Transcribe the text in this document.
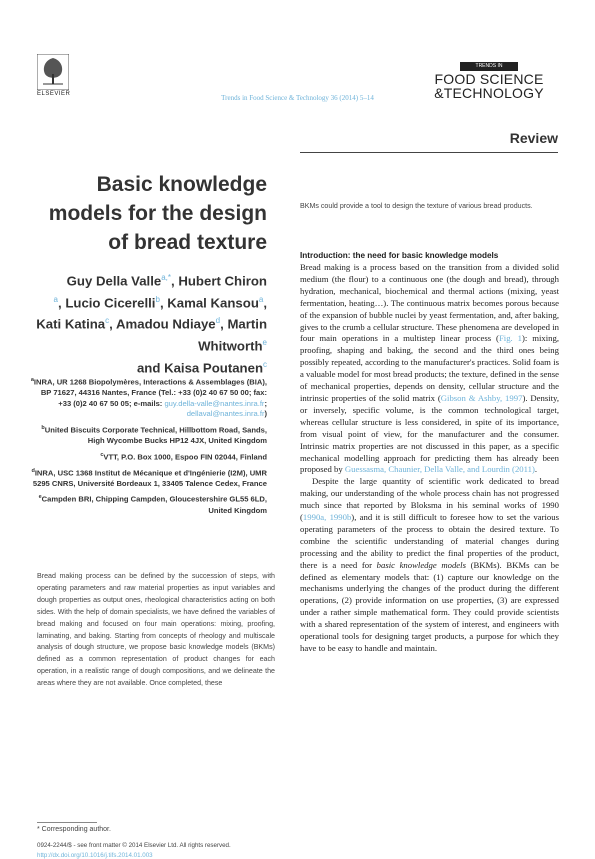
ELSEVIER	Trends in Food Science & Technology 36 (2014) 5–14
TRENDS IN
FOOD SCIENCE
&TECHNOLOGY
Review
Basic knowledge
models for the design
of bread texture
Guy Della Valle$^{a,*}$, Hubert Chiron
$^a$, Lucio Cicerelli$^b$, Kamal Kansou$^a$, Kati Katina$^c$, Amadou Ndiaye$^d$, Martin Whitworth$^e$
and Kaisa Poutanen$^c$
$^a$INRA, UR 1268 Biopolymères, Interactions & Assemblages (BIA), BP 71627, 44316 Nantes, France (Tel.: +33 (0)2 40 67 50 00; fax: +33 (0)2 40 67 50 05; e-mails: guy.della-valle@nantes.inra.fr; dellaval@nantes.inra.fr)
$^b$United Biscuits Corporate Technical, Hillbottom Road, Sands, High Wycombe Bucks HP12 4JX, United Kingdom
$^c$VTT, P.O. Box 1000, Espoo FIN 02044, Finland
$^d$INRA, USC 1368 Institut de Mécanique et d'Ingénierie (I2M), UMR 5295 CNRS, Université Bordeaux 1, 33405 Talence Cedex, France
$^e$Campden BRI, Chipping Campden, Gloucestershire GL55 6LD, United Kingdom
Bread making process can be defined by the succession of steps, with operating parameters and raw material properties as input variables and dough properties as output ones, rheological characteristics acting on both sides. With the help of domain specialists, we have defined the variables of bread making and focused on four main operations: mixing, proofing, laminating, and baking. Starting from concepts of rheology and multiscale analysis of dough structure, we propose basic knowledge models (BKMs) defined as a common representation of product changes for each operation, in a realistic range of dough compositions, and we delineate the areas where they are not available. Once completed, these
BKMs could provide a tool to design the texture of various bread products.
Introduction: the need for basic knowledge models

Bread making is a process based on the transition from a divided solid medium (the flour) to a continuous one (the dough and bread), through hydration, mechanical, biochemical and thermal actions (mixing, yeast fermentation, heating…). The continuous matrix becomes porous because of the expansion of bubble nuclei by yeast fermentation, and, after baking, gives to the crumb a cellular structure. These phenomena are developed in four main operations in a multistep linear process (Fig. 1): mixing, proofing, shaping and baking, the second and the third ones being possibly repeated, according to the manufacturer's practices. Solid foam is a valuable model for most bread products; the texture, defined in the sense of mechanical properties, depends on density, cellular structure and the intrinsic properties of the solid matrix (Gibson & Ashby, 1997). Density, or inversely, specific volume, is the common technological target, whereas cellular structure is less considered, in spite of its importance, from visual point of view, for the manufacturer and the consumer. Intrinsic matrix properties are not discussed in this paper, as a specific mechanical modelling approach for predicting them has already been proposed by Guessasma, Chaunier, Della Valle, and Lourdin (2011).

Despite the large quantity of scientific work dedicated to bread making, our understanding of the whole process chain has not progressed much since that reported by Bloksma in his seminal works of 1990 (1990a, 1990b), and it is still difficult to foresee how to set the various operating parameters of the process to obtain the desired texture. To combine the scientific understanding of material changes during processing and the ability to predict the final properties of the product, there is a need for basic knowledge models (BKMs). BKMs can be defined as elementary models that: (1) capture our knowledge on the mechanisms underlying the changes of the product during the different operations, (2) provide information on use properties, (3) are expressed under a rather simple mathematical form. They could provide scientists with a shared representation of the system of interest, and engineers with operational tools for designing target products, a purpose for which they have to be easy to handle and maintain.

* Corresponding author.
0924-2244/$ - see front matter © 2014 Elsevier Ltd. All rights reserved.
http://dx.doi.org/10.1016/j.tifs.2014.01.003
